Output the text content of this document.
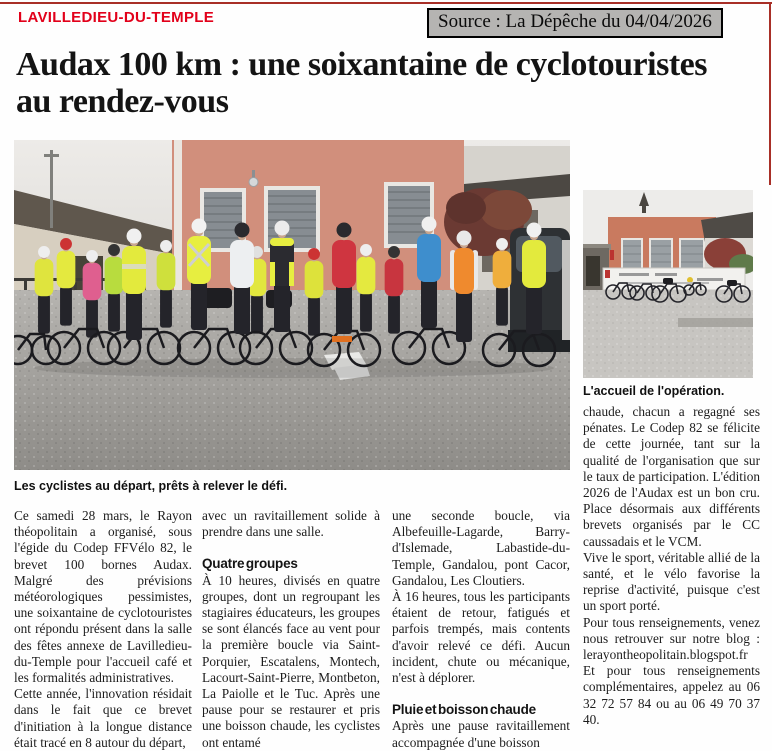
LAVILLEDIEU-DU-TEMPLE	Source : La Dépêche du 04/04/2026
Audax 100 km : une soixantaine de cyclotouristes au rendez-vous
Les cyclistes au départ, prêts à relever le défi.
L'accueil de l'opération.

Ce samedi 28 mars, le Rayon théopolitain a organisé, sous l'égide du Codep FFVélo 82, le brevet 100 bornes Audax. Malgré des prévisions météorologiques pessimistes, une soixantaine de cyclotouristes ont répondu présent dans la salle des fêtes annexe de Lavilledieu-du-Temple pour l'accueil café et les formalités administratives.

Cette année, l'innovation résidait dans le fait que ce brevet d'initiation à la longue distance était tracé en 8 autour du départ,

avec un ravitaillement solide à prendre dans une salle.

Quatre groupes

À 10 heures, divisés en quatre groupes, dont un regroupant les stagiaires éducateurs, les groupes se sont élancés face au vent pour la première boucle via Saint-Porquier, Escatalens, Montech, Lacourt-Saint-Pierre, Montbeton, La Paiolle et le Tuc. Après une pause pour se restaurer et pris une boisson chaude, les cyclistes ont entamé

une seconde boucle, via Albefeuille-Lagarde, Barry-d'Islemade, Labastide-du-Temple, Gandalou, pont Cacor, Gandalou, Les Cloutiers.

À 16 heures, tous les participants étaient de retour, fatigués et parfois trempés, mais contents d'avoir relevé ce défi. Aucun incident, chute ou mécanique, n'est à déplorer.

Pluie et boisson chaude

Après une pause ravitaillement accompagnée d'une boisson

chaude, chacun a regagné ses pénates. Le Codep 82 se félicite de cette journée, tant sur la qualité de l'organisation que sur le taux de participation. L'édition 2026 de l'Audax est un bon cru. Place désormais aux différents brevets organisés par le CC caussadais et le VCM.

Vive le sport, véritable allié de la santé, et le vélo favorise la reprise d'activité, puisque c'est un sport porté.

Pour tous renseignements, venez nous retrouver sur notre blog : lerayontheopolitain.blogspot.fr

Et pour tous renseignements complémentaires, appelez au 06 32 72 57 84 ou au 06 49 70 37 40.
